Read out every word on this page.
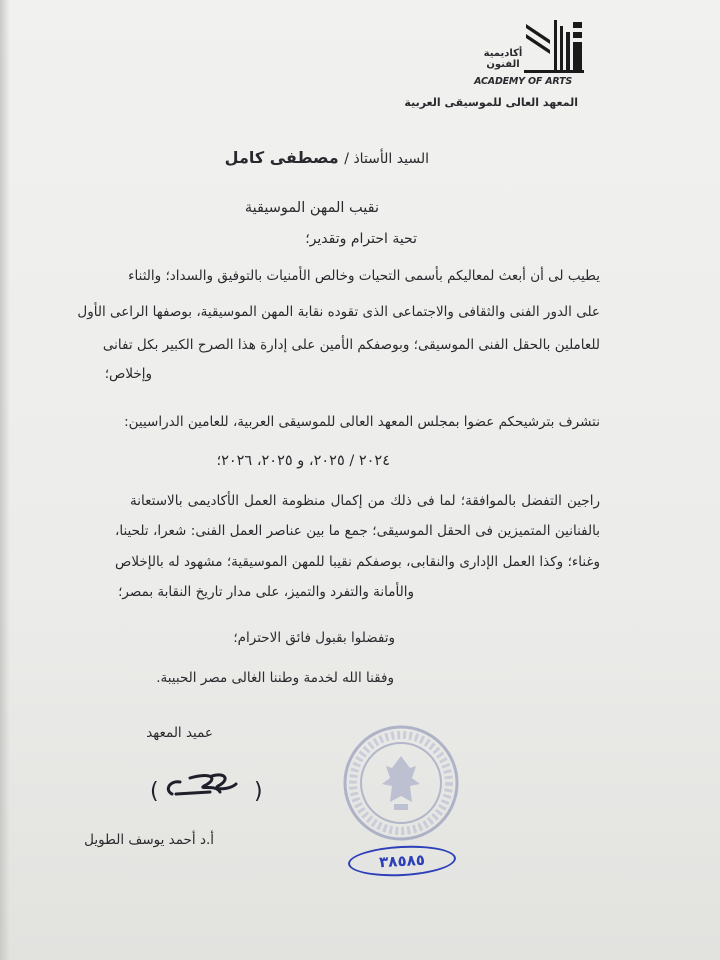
أكاديمية الفنون
ACADEMY OF ARTS
المعهد العالى للموسيقى العربية
السيد الأستاذ / مصطفى كامل
نقيب المهن الموسيقية
تحية احترام وتقدير؛
يطيب لى أن أبعث لمعاليكم بأسمى التحيات وخالص الأمنيات بالتوفيق والسداد؛ والثناء
على الدور الفنى والثقافى والاجتماعى الذى تقوده نقابة المهن الموسيقية، بوصفها الراعى الأول
للعاملين بالحقل الفنى الموسيقى؛ وبوصفكم الأمين على إدارة هذا الصرح الكبير بكل تفانى
وإخلاص؛
نتشرف بترشيحكم عضوا بمجلس المعهد العالى للموسيقى العربية، للعامين الدراسيين:
٢٠٢٤ / ٢٠٢٥، و ٢٠٢٥، ٢٠٢٦؛
راجين التفضل بالموافقة؛ لما فى ذلك من إكمال منظومة العمل الأكاديمى بالاستعانة
بالفنانين المتميزين فى الحقل الموسيقى؛ جمع ما بين عناصر العمل الفنى: شعرا، تلحينا،
وغناء؛ وكذا العمل الإدارى والنقابى، بوصفكم نقيبا للمهن الموسيقية؛ مشهود له بالإخلاص
والأمانة والتفرد والتميز، على مدار تاريخ النقابة بمصر؛
وتفضلوا بقبول فائق الاحترام؛
وفقنا الله لخدمة وطننا الغالى مصر الحبيبة.
عميد المعهد
(	)
أ.د أحمد يوسف الطويل
٣٨٥٨٥
